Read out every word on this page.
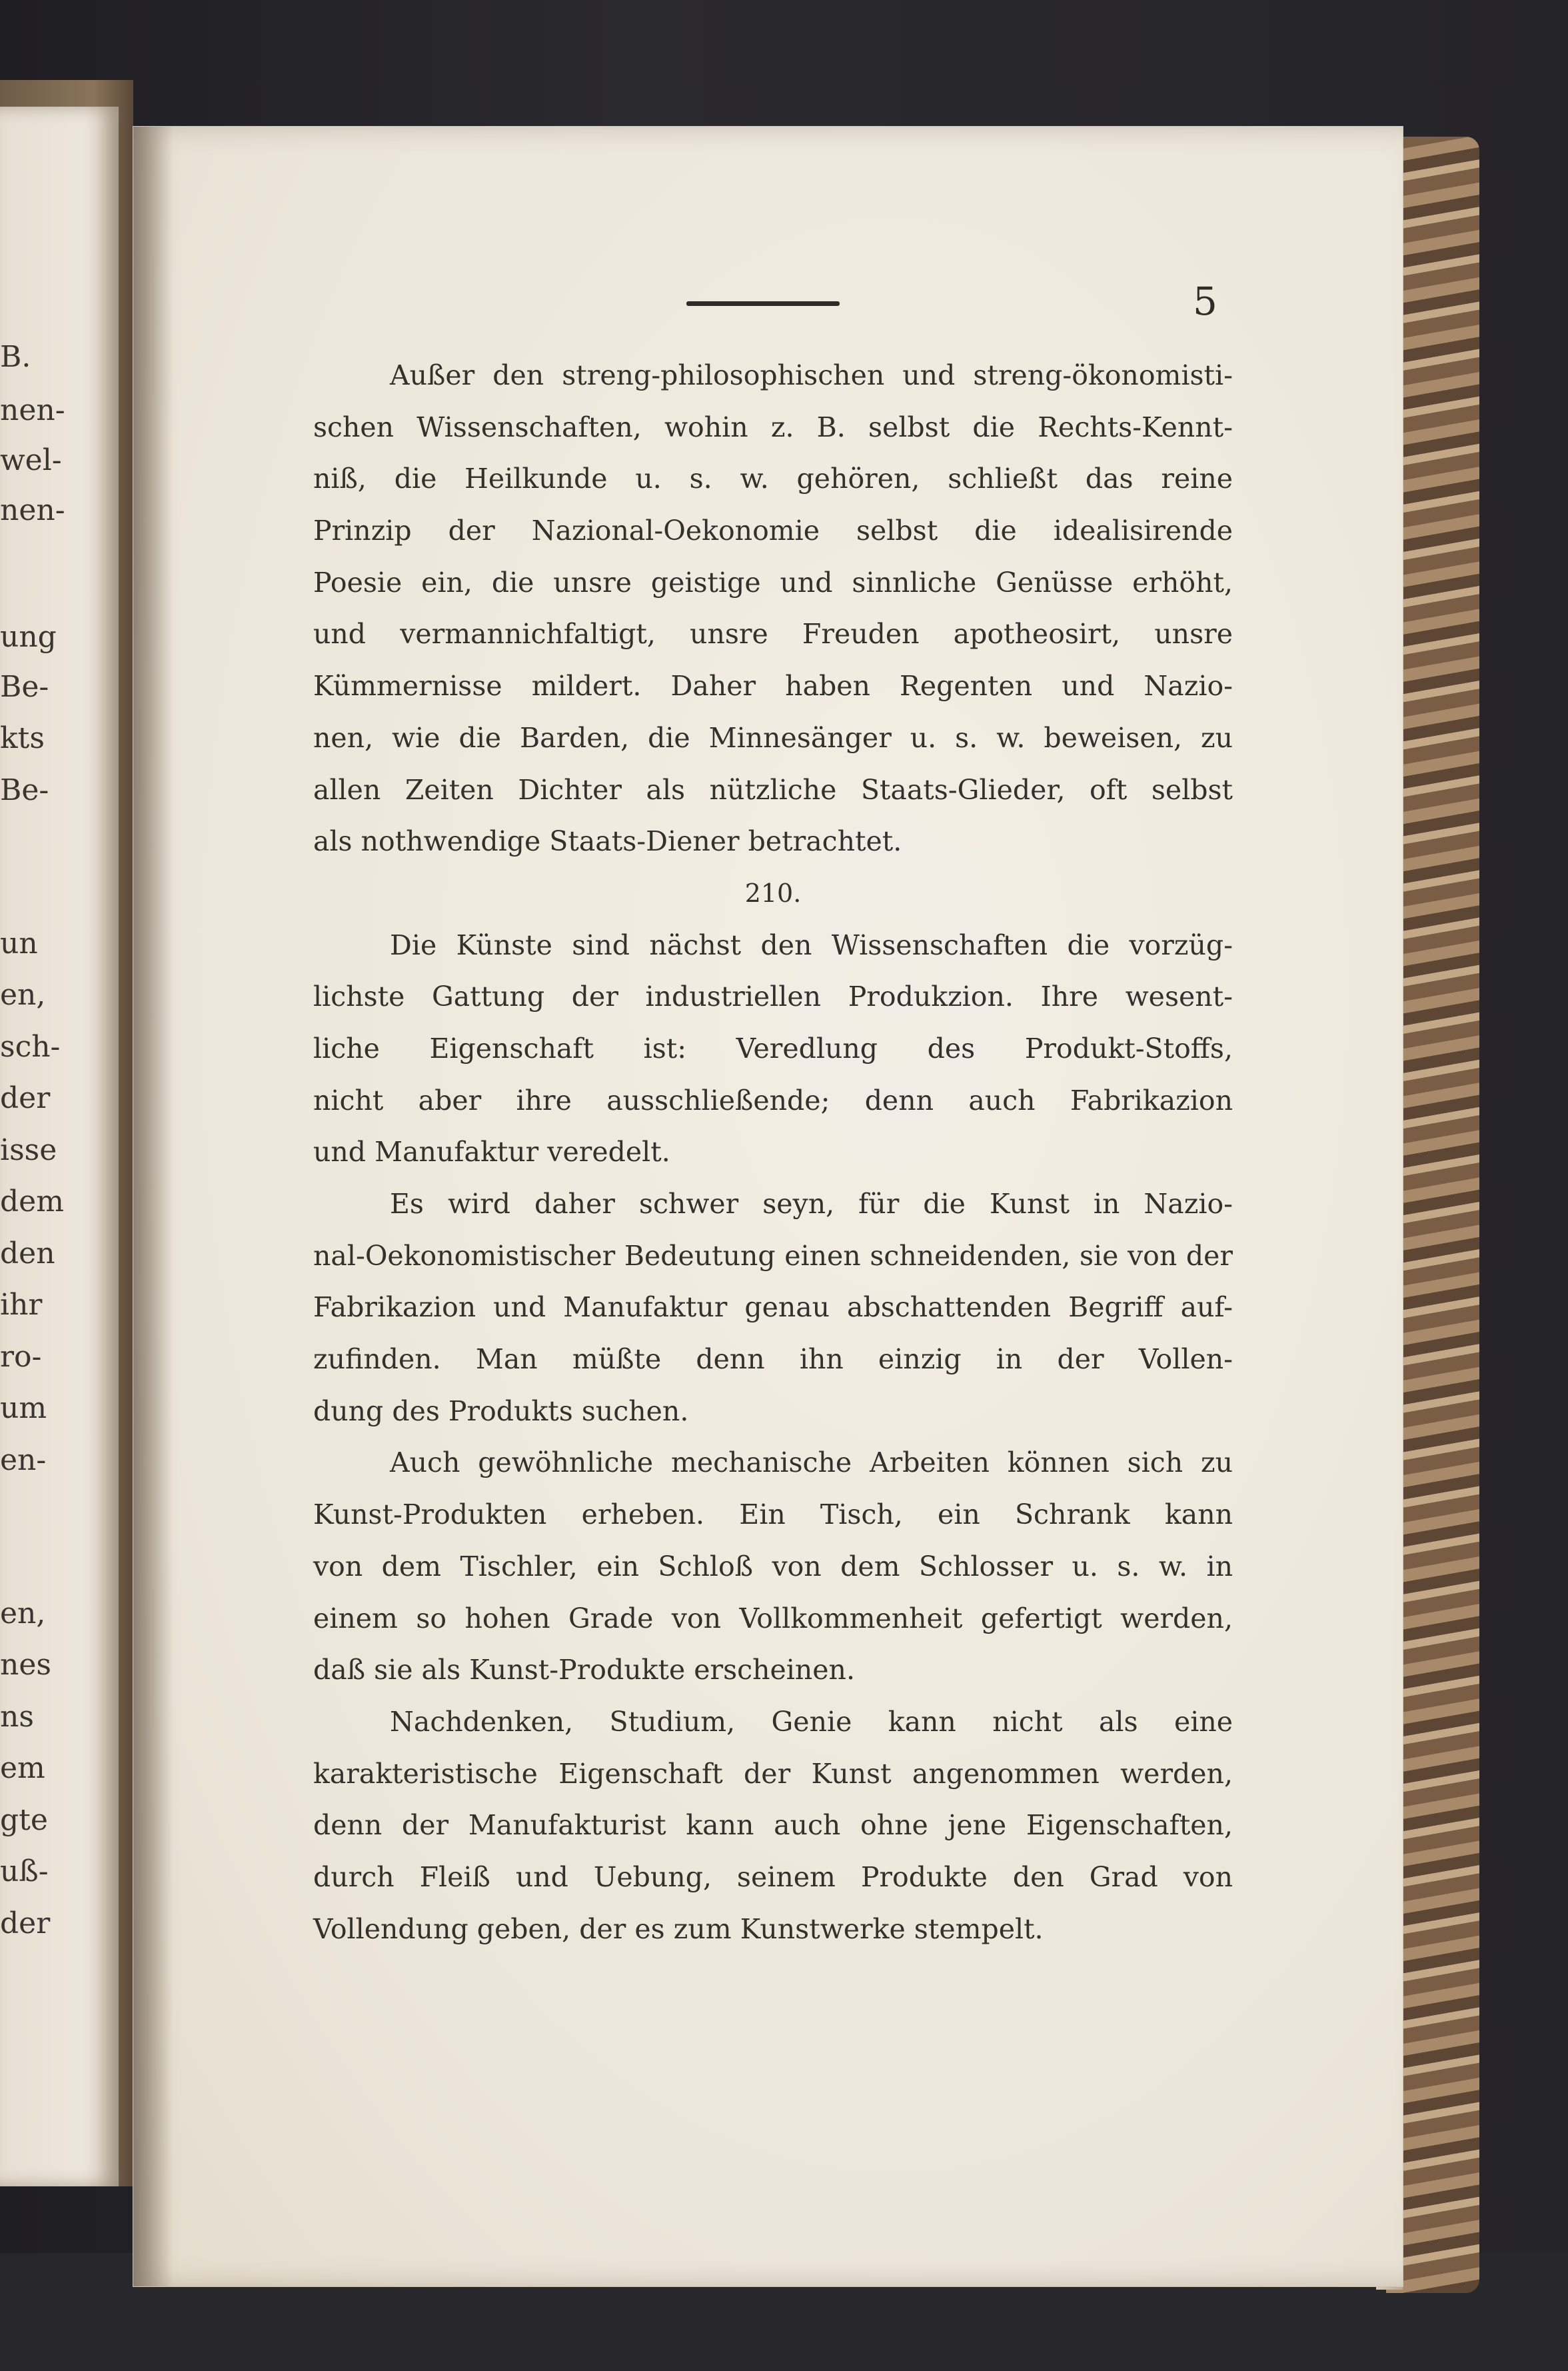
B.
nen-
wel-
nen-
ung
Be-
kts
Be-
un
en,
sch-
der
isse
dem
den
ihr
ro-
um
en-
en,
nes
ns
em
gte
uß-
der
5
Außer den streng-philosophischen und streng-ökonomisti-
schen Wissenschaften, wohin z. B. selbst die Rechts-Kennt-
niß, die Heilkunde u. s. w. gehören, schließt das reine
Prinzip der Nazional-Oekonomie selbst die idealisirende
Poesie ein, die unsre geistige und sinnliche Genüsse erhöht,
und vermannichfaltigt, unsre Freuden apotheosirt, unsre
Kümmernisse mildert. Daher haben Regenten und Nazio-
nen, wie die Barden, die Minnesänger u. s. w. beweisen, zu
allen Zeiten Dichter als nützliche Staats-Glieder, oft selbst
als nothwendige Staats-Diener betrachtet.
210.
Die Künste sind nächst den Wissenschaften die vorzüg-
lichste Gattung der industriellen Produkzion. Ihre wesent-
liche Eigenschaft ist: Veredlung des Produkt-Stoffs,
nicht aber ihre ausschließende; denn auch Fabrikazion
und Manufaktur veredelt.
Es wird daher schwer seyn, für die Kunst in Nazio-
nal-Oekonomistischer Bedeutung einen schneidenden, sie von der
Fabrikazion und Manufaktur genau abschattenden Begriff auf-
zufinden. Man müßte denn ihn einzig in der Vollen-
dung des Produkts suchen.
Auch gewöhnliche mechanische Arbeiten können sich zu
Kunst-Produkten erheben. Ein Tisch, ein Schrank kann
von dem Tischler, ein Schloß von dem Schlosser u. s. w. in
einem so hohen Grade von Vollkommenheit gefertigt werden,
daß sie als Kunst-Produkte erscheinen.
Nachdenken, Studium, Genie kann nicht als eine
karakteristische Eigenschaft der Kunst angenommen werden,
denn der Manufakturist kann auch ohne jene Eigenschaften,
durch Fleiß und Uebung, seinem Produkte den Grad von
Vollendung geben, der es zum Kunstwerke stempelt.
